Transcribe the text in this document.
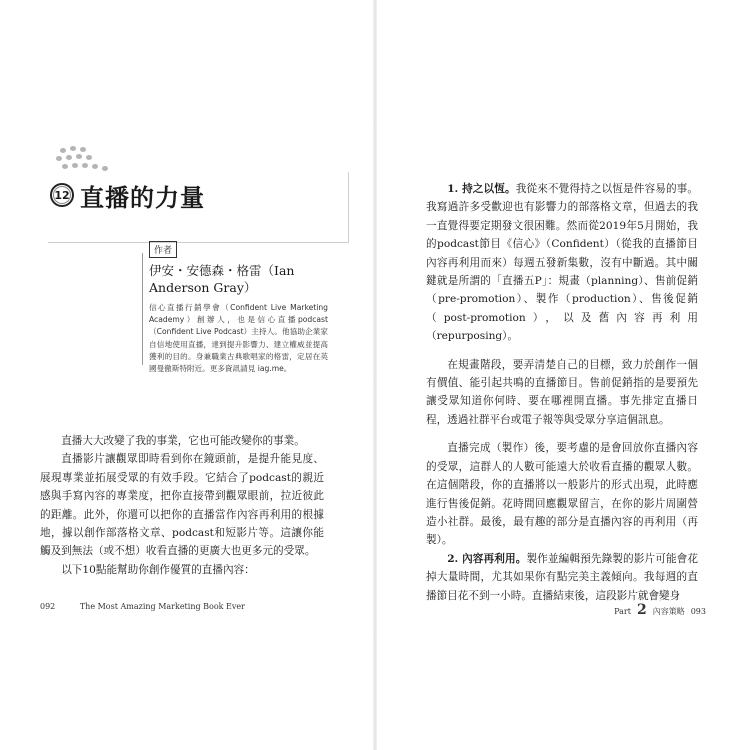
12 直播的力量
作者
伊安・安德森・格雷（Ian Anderson Gray）
信心直播行銷學會（Confident Live Marketing Academy）創辦人，也是信心直播podcast（Confident Live Podcast）主持人。他協助企業家自信地使用直播，達到提升影響力、建立權威並提高獲利的目的。身兼職業古典歌唱家的格雷，定居在英國曼徹斯特附近。更多資訊請見 iag.me。

直播大大改變了我的事業，它也可能改變你的事業。

直播影片讓觀眾即時看到你在鏡頭前，是提升能見度、展現專業並拓展受眾的有效手段。它結合了podcast的親近感與手寫內容的專業度，把你直接帶到觀眾眼前，拉近彼此的距離。此外，你還可以把你的直播當作內容再利用的根據地，據以創作部落格文章、podcast和短影片等。這讓你能觸及到無法（或不想）收看直播的更廣大也更多元的受眾。

以下10點能幫助你創作優質的直播內容：

1. 持之以恆。我從來不覺得持之以恆是件容易的事。我寫過許多受歡迎也有影響力的部落格文章，但過去的我一直覺得要定期發文很困難。然而從2019年5月開始，我的podcast節目《信心》（Confident）（從我的直播節目內容再利用而來）每週五發新集數，沒有中斷過。其中關鍵就是所謂的「直播五P」：規畫（planning）、售前促銷（pre-promotion）、製作（production）、售後促銷（post-promotion），以及舊內容再利用（repurposing）。

在規畫階段，要弄清楚自己的目標，致力於創作一個有價值、能引起共鳴的直播節目。售前促銷指的是要預先讓受眾知道你何時、要在哪裡開直播。事先排定直播日程，透過社群平台或電子報等與受眾分享這個訊息。

直播完成（製作）後，要考慮的是會回放你直播內容的受眾，這群人的人數可能遠大於收看直播的觀眾人數。在這個階段，你的直播將以一般影片的形式出現，此時應進行售後促銷。花時間回應觀眾留言，在你的影片周圍營造小社群。最後，最有趣的部分是直播內容的再利用（再製）。

2. 內容再利用。製作並編輯預先錄製的影片可能會花掉大量時間，尤其如果你有點完美主義傾向。我每週的直播節目花不到一小時。直播結束後，這段影片就會變身

092	The Most Amazing Marketing Book Ever
Part 2 內容策略 093
